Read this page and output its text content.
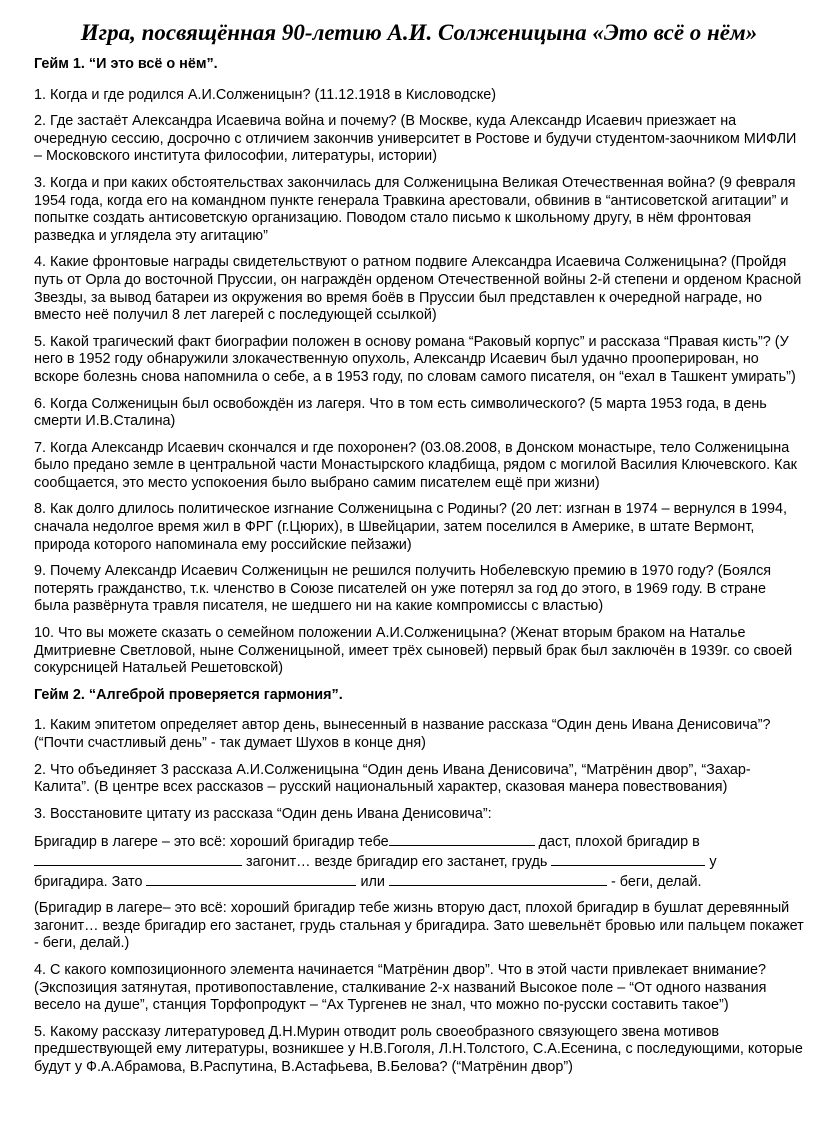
Игра, посвящённая 90-летию А.И. Солженицына «Это всё о нём»

Гейм 1. “И это всё о нём”.

1. Когда и где родился А.И.Солженицын? (11.12.1918 в Кисловодске)

2. Где застаёт Александра Исаевича война и почему? (В Москве, куда Александр Исаевич приезжает на очередную сессию, досрочно с отличием закончив университет в Ростове и будучи студентом-заочником МИФЛИ – Московского института философии, литературы, истории)

3. Когда и при каких обстоятельствах закончилась для Солженицына Великая Отечественная война? (9 февраля 1954 года, когда его на командном пункте генерала Травкина арестовали, обвинив в “антисоветской агитации” и попытке создать антисоветскую организацию. Поводом стало письмо к школьному другу, в нём фронтовая разведка и углядела эту агитацию”

4. Какие фронтовые награды свидетельствуют о ратном подвиге Александра Исаевича Солженицына? (Пройдя путь от Орла до восточной Пруссии, он награждён орденом Отечественной войны 2-й степени и орденом Красной Звезды, за вывод батареи из окружения во время боёв в Пруссии был представлен к очередной награде, но вместо неё получил 8 лет лагерей с последующей ссылкой)

5. Какой трагический факт биографии положен в основу романа “Раковый корпус” и рассказа “Правая кисть”? (У него в 1952 году обнаружили злокачественную опухоль, Александр Исаевич был удачно прооперирован, но вскоре болезнь снова напомнила о себе, а в 1953 году, по словам самого писателя, он “ехал в Ташкент умирать”)

6. Когда Солженицын был освобождён из лагеря. Что в том есть символического? (5 марта 1953 года, в день смерти И.В.Сталина)

7. Когда Александр Исаевич скончался и где похоронен? (03.08.2008, в Донском монастыре, тело Солженицына было предано земле в центральной части Монастырского кладбища, рядом с могилой Василия Ключевского. Как сообщается, это место успокоения было выбрано самим писателем ещё при жизни)

8. Как долго длилось политическое изгнание Солженицына с Родины? (20 лет: изгнан в 1974 – вернулся в 1994, сначала недолгое время жил в ФРГ (г.Цюрих), в Швейцарии, затем поселился в Америке, в штате Вермонт, природа которого напоминала ему российские пейзажи)

9. Почему Александр Исаевич Солженицын не решился получить Нобелевскую премию в 1970 году? (Боялся потерять гражданство, т.к. членство в Союзе писателей он уже потерял за год до этого, в 1969 году. В стране была развёрнута травля писателя, не шедшего ни на какие компромиссы с властью)

10. Что вы можете сказать о семейном положении А.И.Солженицына? (Женат вторым браком на Наталье Дмитриевне Светловой, ныне Солженицыной, имеет трёх сыновей) первый брак был заключён в 1939г. со своей сокурсницей Натальей Решетовской)

Гейм 2. “Алгеброй проверяется гармония”.

1. Каким эпитетом определяет автор день, вынесенный в название рассказа “Один день Ивана Денисовича”? (“Почти счастливый день” - так думает Шухов в конце дня)

2. Что объединяет 3 рассказа А.И.Солженицына “Один день Ивана Денисовича”, “Матрёнин двор”, “Захар-Калита”. (В центре всех рассказов – русский национальный характер, сказовая манера повествования)

3. Восстановите цитату из рассказа “Один день Ивана Денисовича”:

Бригадир в лагере – это всё: хороший бригадир тебе	даст, плохой бригадир в
загонит… везде бригадир его застанет, грудь	у
бригадира. Зато	или	- беги, делай.

(Бригадир в лагере– это всё: хороший бригадир тебе жизнь вторую даст, плохой бригадир в бушлат деревянный загонит… везде бригадир его застанет, грудь стальная у бригадира. Зато шевельнёт бровью или пальцем покажет - беги, делай.)

4. С какого композиционного элемента начинается “Матрёнин двор”. Что в этой части привлекает внимание? (Экспозиция затянутая, противопоставление, сталкивание 2-х названий Высокое поле – “От одного названия весело на душе”, станция Торфопродукт – “Ах Тургенев не знал, что можно по-русски составить такое”)

5. Какому рассказу литературовед Д.Н.Мурин отводит роль своеобразного связующего звена мотивов предшествующей ему литературы, возникшее у Н.В.Гоголя, Л.Н.Толстого, С.А.Есенина, с последующими, которые будут у Ф.А.Абрамова, В.Распутина, В.Астафьева, В.Белова? (“Матрёнин двор”)
